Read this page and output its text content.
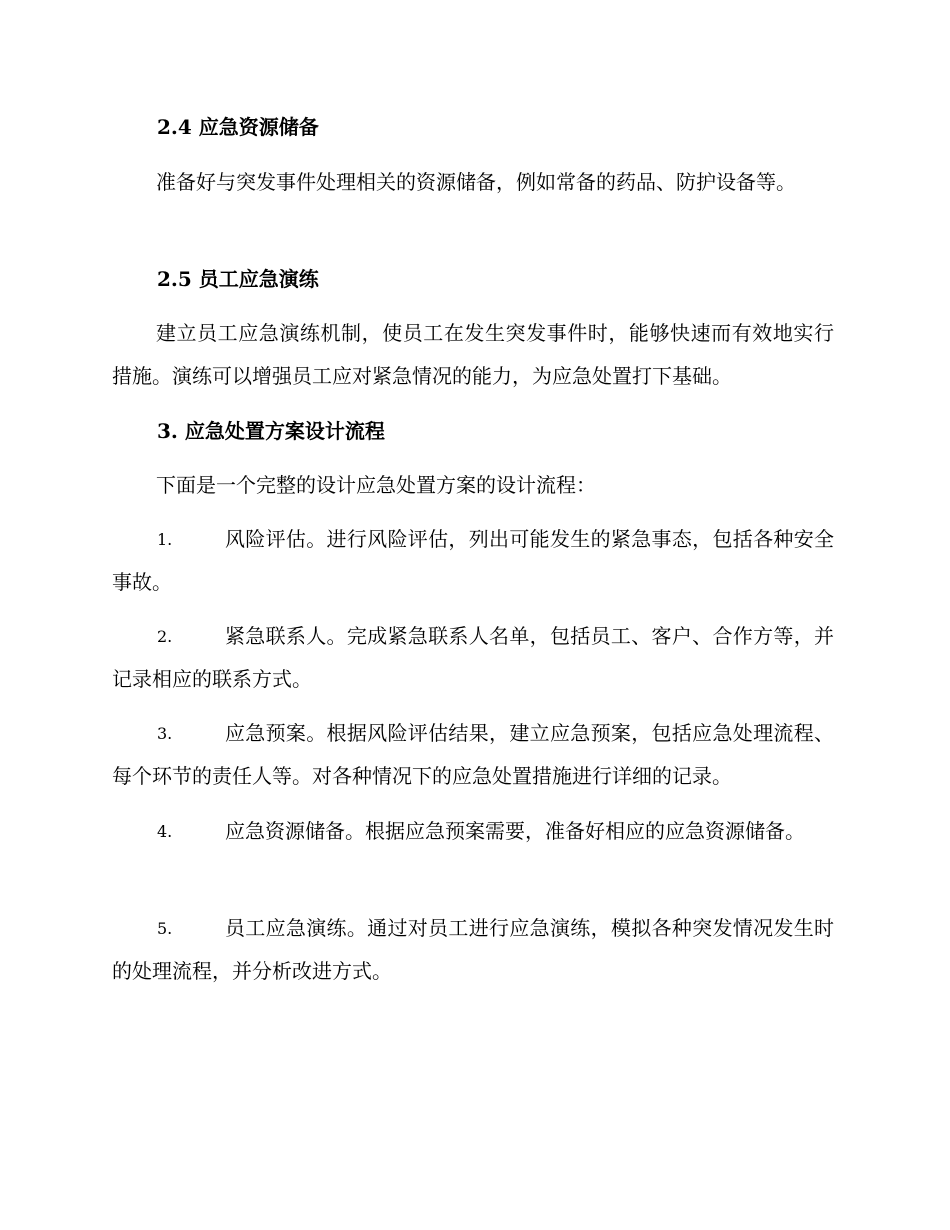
2.4 应急资源储备
准备好与突发事件处理相关的资源储备，例如常备的药品、防护设备等。
2.5 员工应急演练
建立员工应急演练机制，使员工在发生突发事件时，能够快速而有效地实行措施。演练可以增强员工应对紧急情况的能力，为应急处置打下基础。
3. 应急处置方案设计流程
下面是一个完整的设计应急处置方案的设计流程：
1.	风险评估。进行风险评估，列出可能发生的紧急事态，包括各种安全事故。
2.	紧急联系人。完成紧急联系人名单，包括员工、客户、合作方等，并记录相应的联系方式。
3.	应急预案。根据风险评估结果，建立应急预案，包括应急处理流程、每个环节的责任人等。对各种情况下的应急处置措施进行详细的记录。
4.	应急资源储备。根据应急预案需要，准备好相应的应急资源储备。
5.	员工应急演练。通过对员工进行应急演练，模拟各种突发情况发生时的处理流程，并分析改进方式。
